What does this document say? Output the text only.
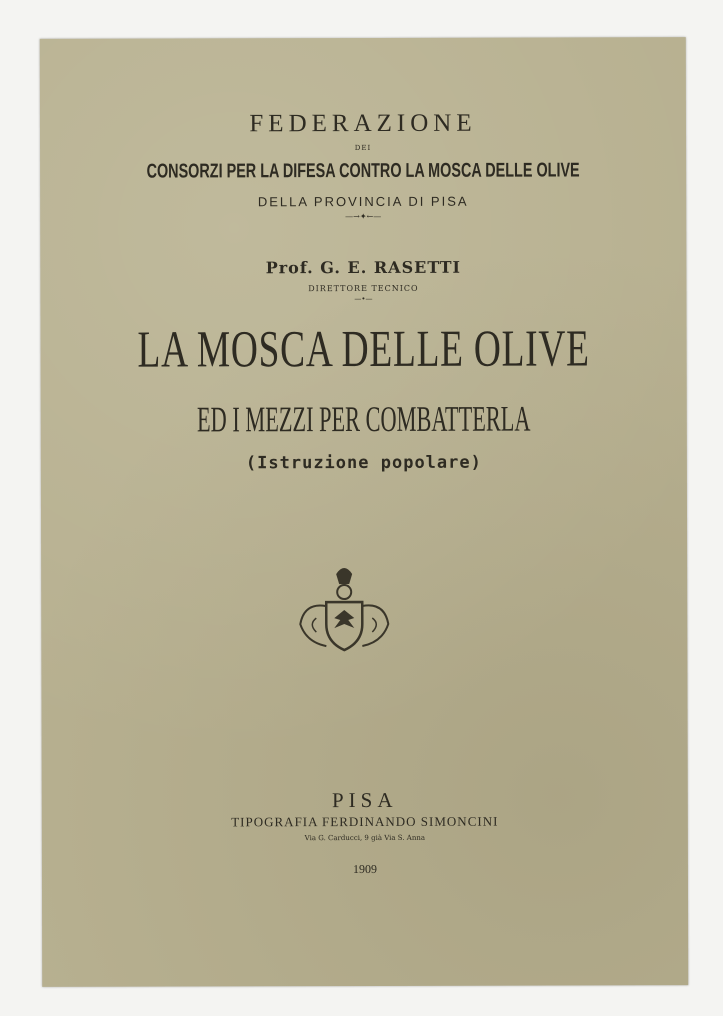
FEDERAZIONE
DEI
CONSORZI PER LA DIFESA CONTRO LA MOSCA DELLE OLIVE
DELLA PROVINCIA DI PISA
—→✦←—
Prof. G. E. RASETTI
DIRETTORE TECNICO
—•—
LA MOSCA DELLE OLIVE
ED I MEZZI PER COMBATTERLA
(Istruzione popolare)
PISA
TIPOGRAFIA FERDINANDO SIMONCINI
Via G. Carducci, 9 già Via S. Anna
1909
